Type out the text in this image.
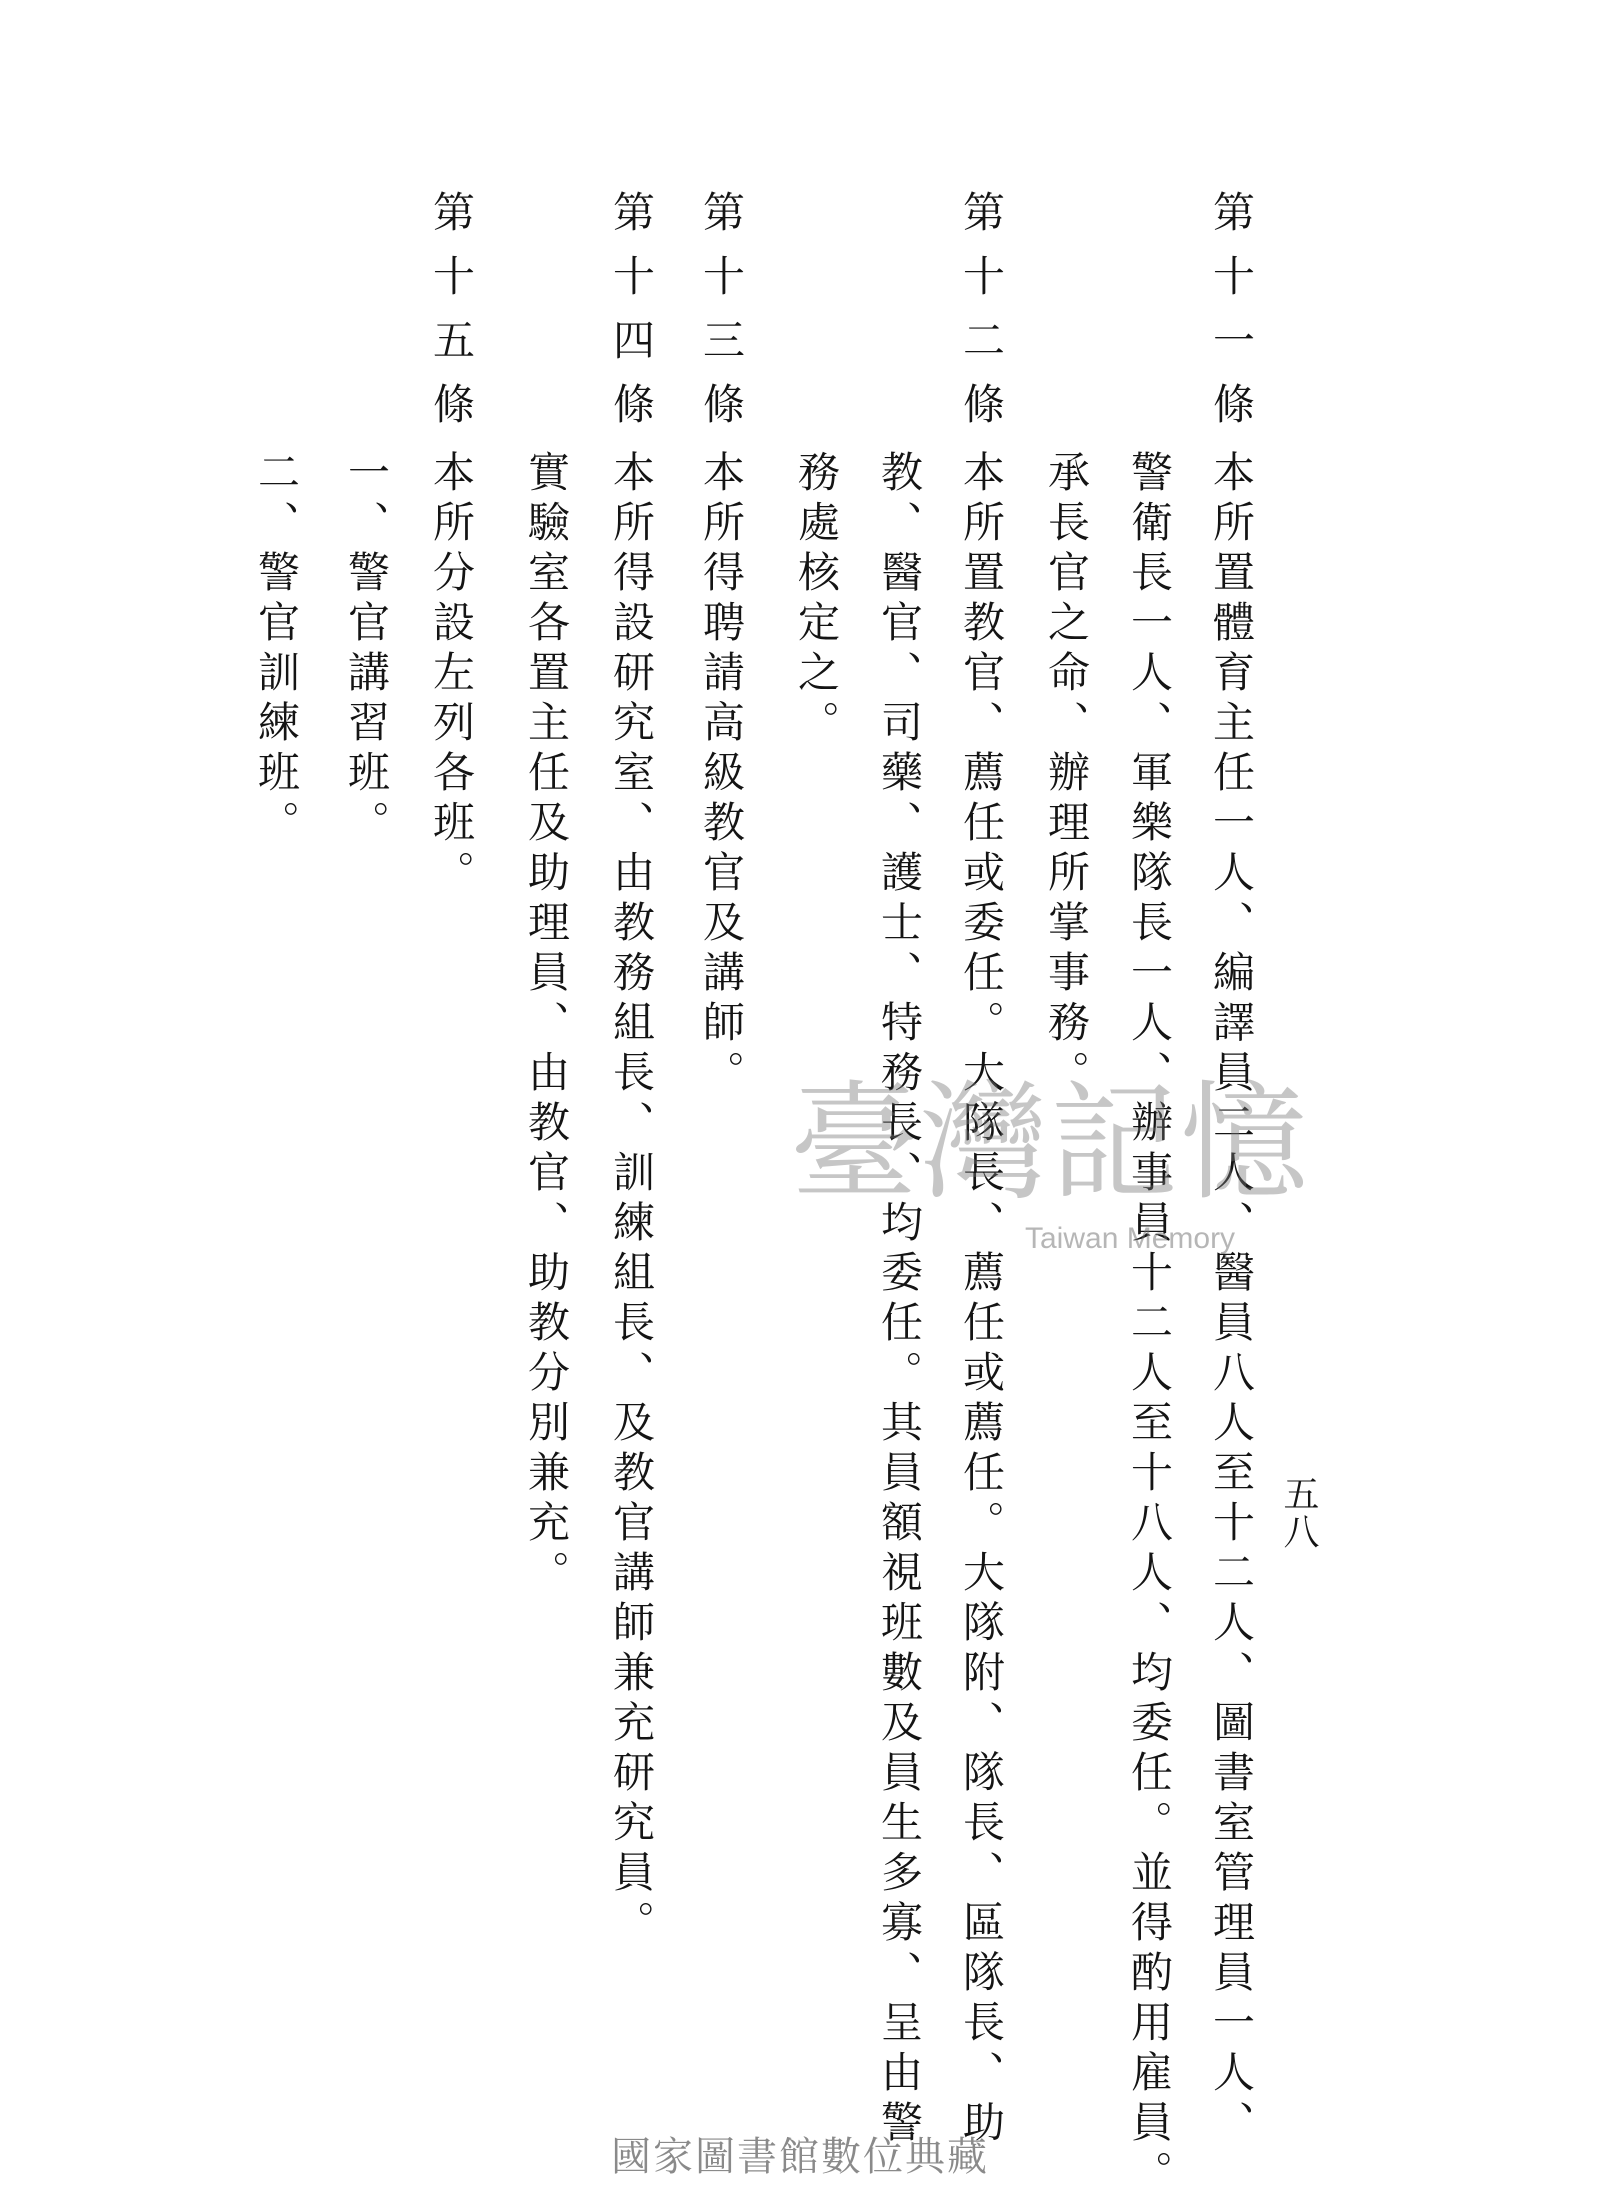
五八
第十一條
本所置體育主任一人、編譯員二人、醫員八人至十二人、圖書室管理員一人、
警衛長一人、軍樂隊長一人、辦事員十二人至十八人、均委任。並得酌用雇員。
承長官之命、辦理所掌事務。
第十二條
本所置教官、薦任或委任。大隊長、薦任或薦任。大隊附、隊長、區隊長、助
教、醫官、司藥、護士、特務長、均委任。其員額視班數及員生多寡、呈由警
務處核定之。
第十三條
本所得聘請高級教官及講師。
第十四條
本所得設研究室、由教務組長、訓練組長、及教官講師兼充研究員。
實驗室各置主任及助理員、由教官、助教分別兼充。
第十五條
本所分設左列各班。
一、警官講習班。
二、警官訓練班。
臺灣記憶
Taiwan Memory
國家圖書館數位典藏
